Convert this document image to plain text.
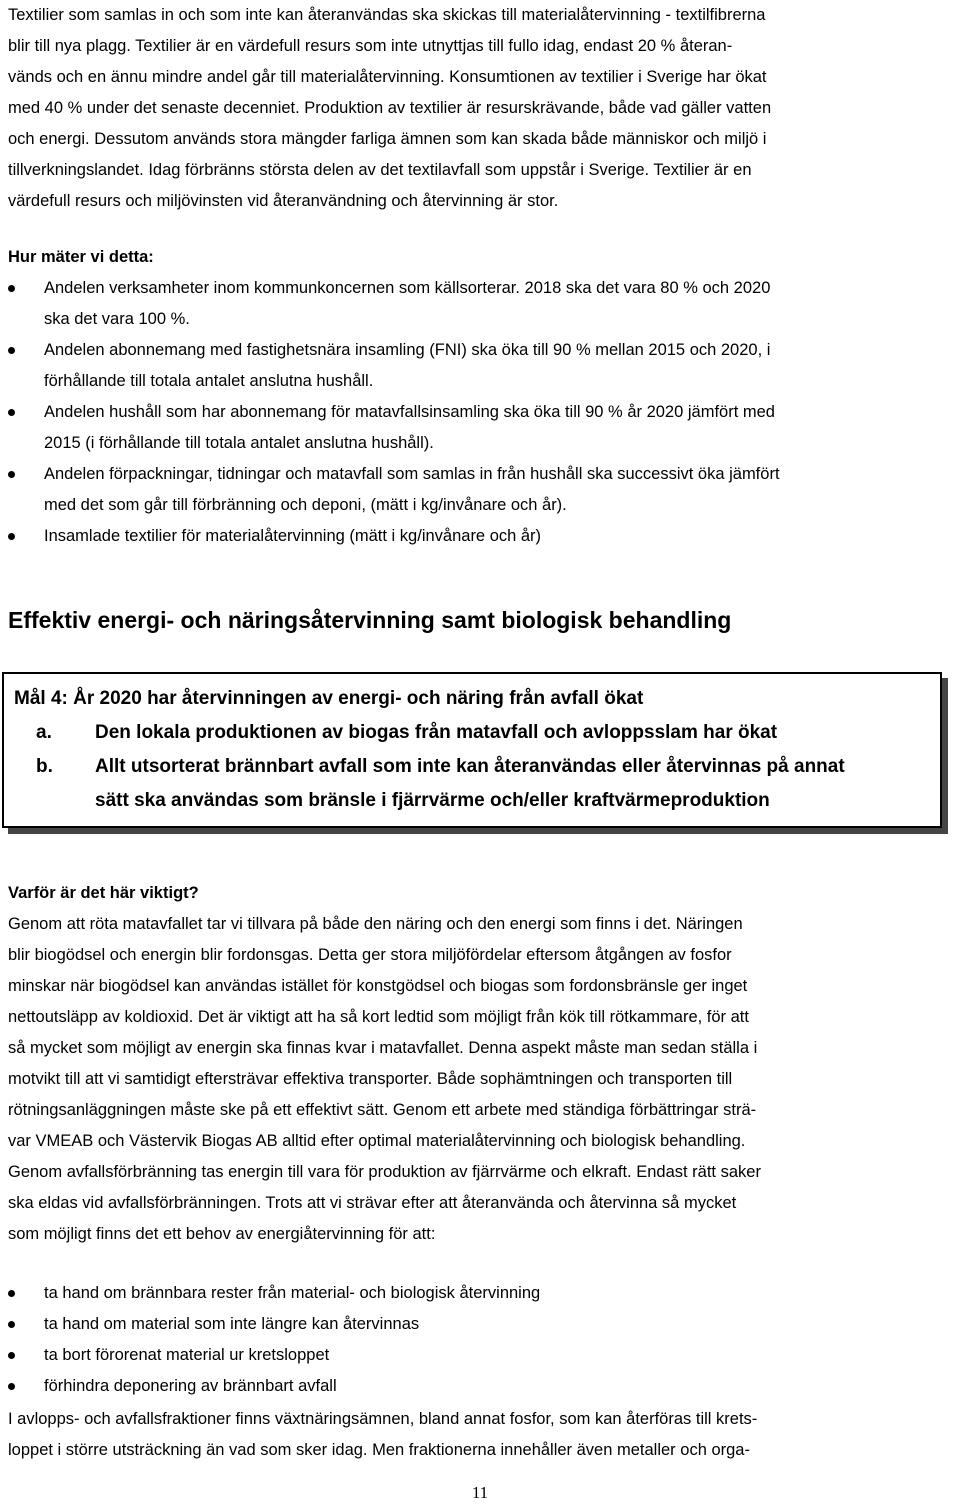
Textilier som samlas in och som inte kan återanvändas ska skickas till materialåtervinning - textilfibrerna
blir till nya plagg. Textilier är en värdefull resurs som inte utnyttjas till fullo idag, endast 20 % återan-
vänds och en ännu mindre andel går till materialåtervinning. Konsumtionen av textilier i Sverige har ökat
med 40 % under det senaste decenniet. Produktion av textilier är resurskrävande, både vad gäller vatten
och energi. Dessutom används stora mängder farliga ämnen som kan skada både människor och miljö i
tillverkningslandet. Idag förbränns största delen av det textilavfall som uppstår i Sverige. Textilier är en
värdefull resurs och miljövinsten vid återanvändning och återvinning är stor.
Hur mäter vi detta:
Andelen verksamheter inom kommunkoncernen som källsorterar. 2018 ska det vara 80 % och 2020
ska det vara 100 %.
Andelen abonnemang med fastighetsnära insamling (FNI) ska öka till 90 % mellan 2015 och 2020, i
förhållande till totala antalet anslutna hushåll.
Andelen hushåll som har abonnemang för matavfallsinsamling ska öka till 90 % år 2020 jämfört med
2015 (i förhållande till totala antalet anslutna hushåll).
Andelen förpackningar, tidningar och matavfall som samlas in från hushåll ska successivt öka jämfört
med det som går till förbränning och deponi, (mätt i kg/invånare och år).
Insamlade textilier för materialåtervinning (mätt i kg/invånare och år)
Effektiv energi- och näringsåtervinning samt biologisk behandling
Mål 4: År 2020 har återvinningen av energi- och näring från avfall ökat
a. Den lokala produktionen av biogas från matavfall och avloppsslam har ökat
b. Allt utsorterat brännbart avfall som inte kan återanvändas eller återvinnas på annat
sätt ska användas som bränsle i fjärrvärme och/eller kraftvärmeproduktion
Varför är det här viktigt?
Genom att röta matavfallet tar vi tillvara på både den näring och den energi som finns i det. Näringen
blir biogödsel och energin blir fordonsgas. Detta ger stora miljöfördelar eftersom åtgången av fosfor
minskar när biogödsel kan användas istället för konstgödsel och biogas som fordonsbränsle ger inget
nettoutsläpp av koldioxid. Det är viktigt att ha så kort ledtid som möjligt från kök till rötkammare, för att
så mycket som möjligt av energin ska finnas kvar i matavfallet. Denna aspekt måste man sedan ställa i
motvikt till att vi samtidigt eftersträvar effektiva transporter. Både sophämtningen och transporten till
rötningsanläggningen måste ske på ett effektivt sätt. Genom ett arbete med ständiga förbättringar strä-
var VMEAB och Västervik Biogas AB alltid efter optimal materialåtervinning och biologisk behandling.
Genom avfallsförbränning tas energin till vara för produktion av fjärrvärme och elkraft. Endast rätt saker
ska eldas vid avfallsförbränningen. Trots att vi strävar efter att återanvända och återvinna så mycket
som möjligt finns det ett behov av energiåtervinning för att:
ta hand om brännbara rester från material- och biologisk återvinning
ta hand om material som inte längre kan återvinnas
ta bort förorenat material ur kretsloppet
förhindra deponering av brännbart avfall
I avlopps- och avfallsfraktioner finns växtnäringsämnen, bland annat fosfor, som kan återföras till krets-
loppet i större utsträckning än vad som sker idag. Men fraktionerna innehåller även metaller och orga-
11
